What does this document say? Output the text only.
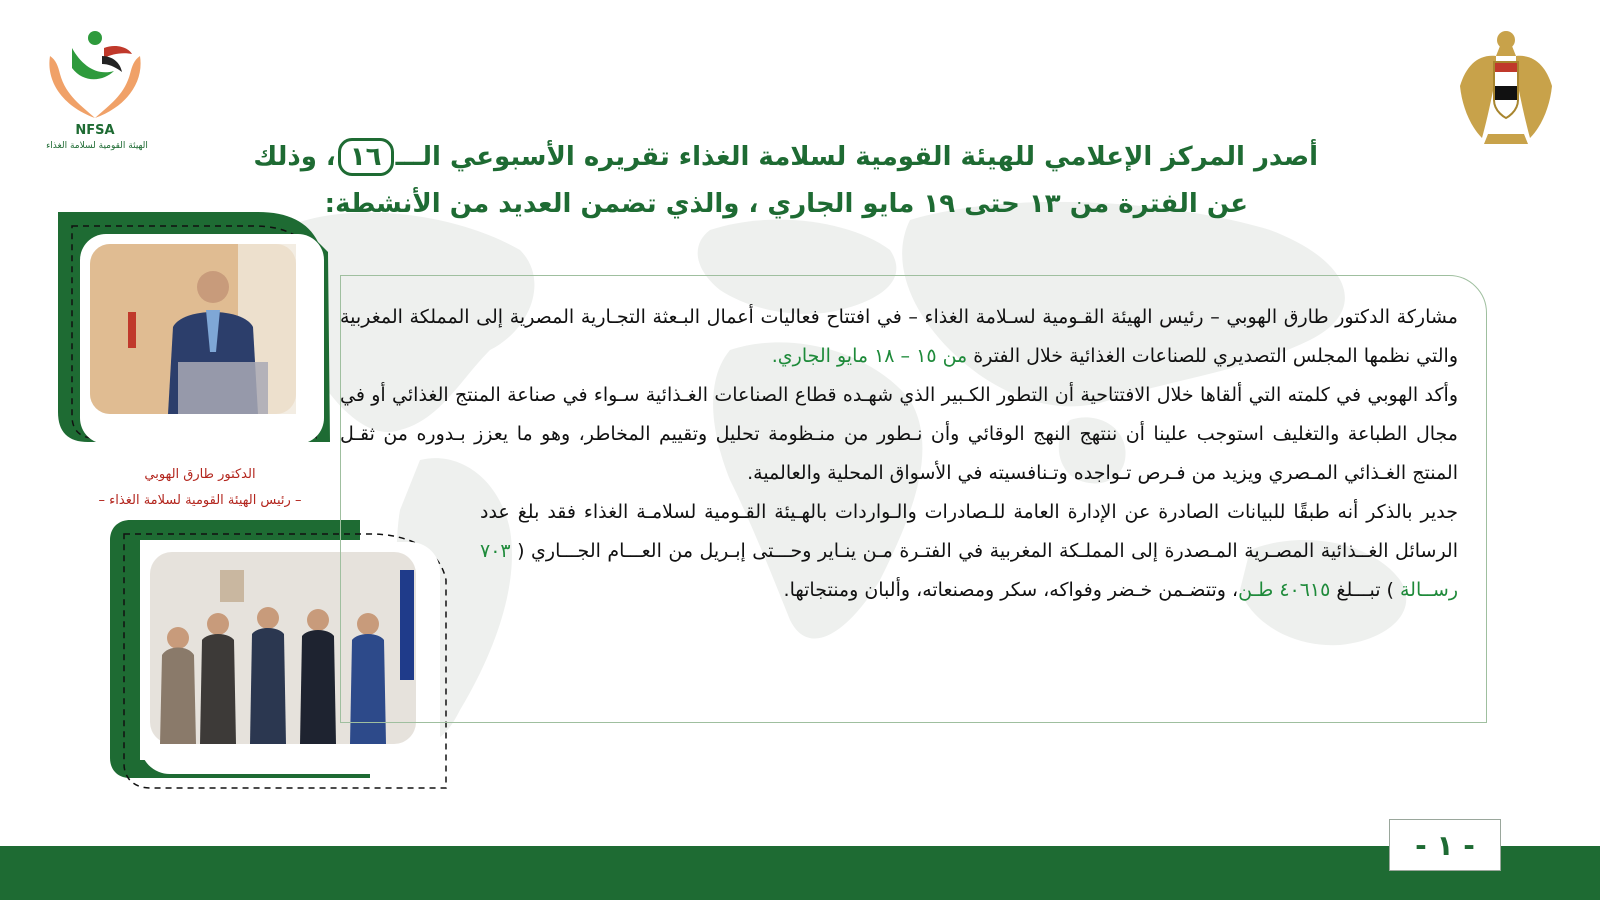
NFSA
الهيئة القومية لسلامة الغذاء	أصدر المركز الإعلامي للهيئة القومية لسلامة الغذاء تقريره الأسبوعي الـــ١٦، وذلك
عن الفترة من ١٣ حتى ١٩ مايو الجاري ، والذي تضمن العديد من الأنشطة:
الدكتور طارق الهوبي
– رئيس الهيئة القومية لسلامة الغذاء –

مشاركة الدكتور طارق الهوبي – رئيس الهيئة القـومية لسـلامة الغذاء – في افتتاح فعاليات أعمال البـعثة التجـارية المصرية إلى المملكة المغربية والتي نظمها المجلس التصديري للصناعات الغذائية خلال الفترة من ١٥ – ١٨ مايو الجاري.

وأكد الهوبي في كلمته التي ألقاها خلال الافتتاحية أن التطور الكـبير الذي شهـده قطاع الصناعات الغـذائية سـواء في صناعة المنتج الغذائي أو في مجال الطباعة والتغليف استوجب علينا أن ننتهج النهج الوقائي وأن نـطور من منـظومة تحليل وتقييم المخاطر، وهو ما يعزز بـدوره من ثقـل المنتج الغـذائي المـصري ويزيد من فـرص تـواجده وتـنافسيته في الأسواق المحلية والعالمية.

جدير بالذكر أنه طبقًا للبيانات الصادرة عن الإدارة العامة للـصادرات والـواردات بالهـيئة القـومية لسلامـة الغذاء فقد بلغ عدد الرسائل الغــذائية المصـرية المـصدرة إلى المملـكة المغربية في الفتـرة مـن ينـاير وحـــتى إبـريل من العـــام الجـــاري ( ٧٠٣ رســالة ) تبـــلغ ٤٠٦١٥ طـن، وتتضـمن خـضر وفواكه، سكر ومصنعاته، وألبان ومنتجاتها.

- ١ -
